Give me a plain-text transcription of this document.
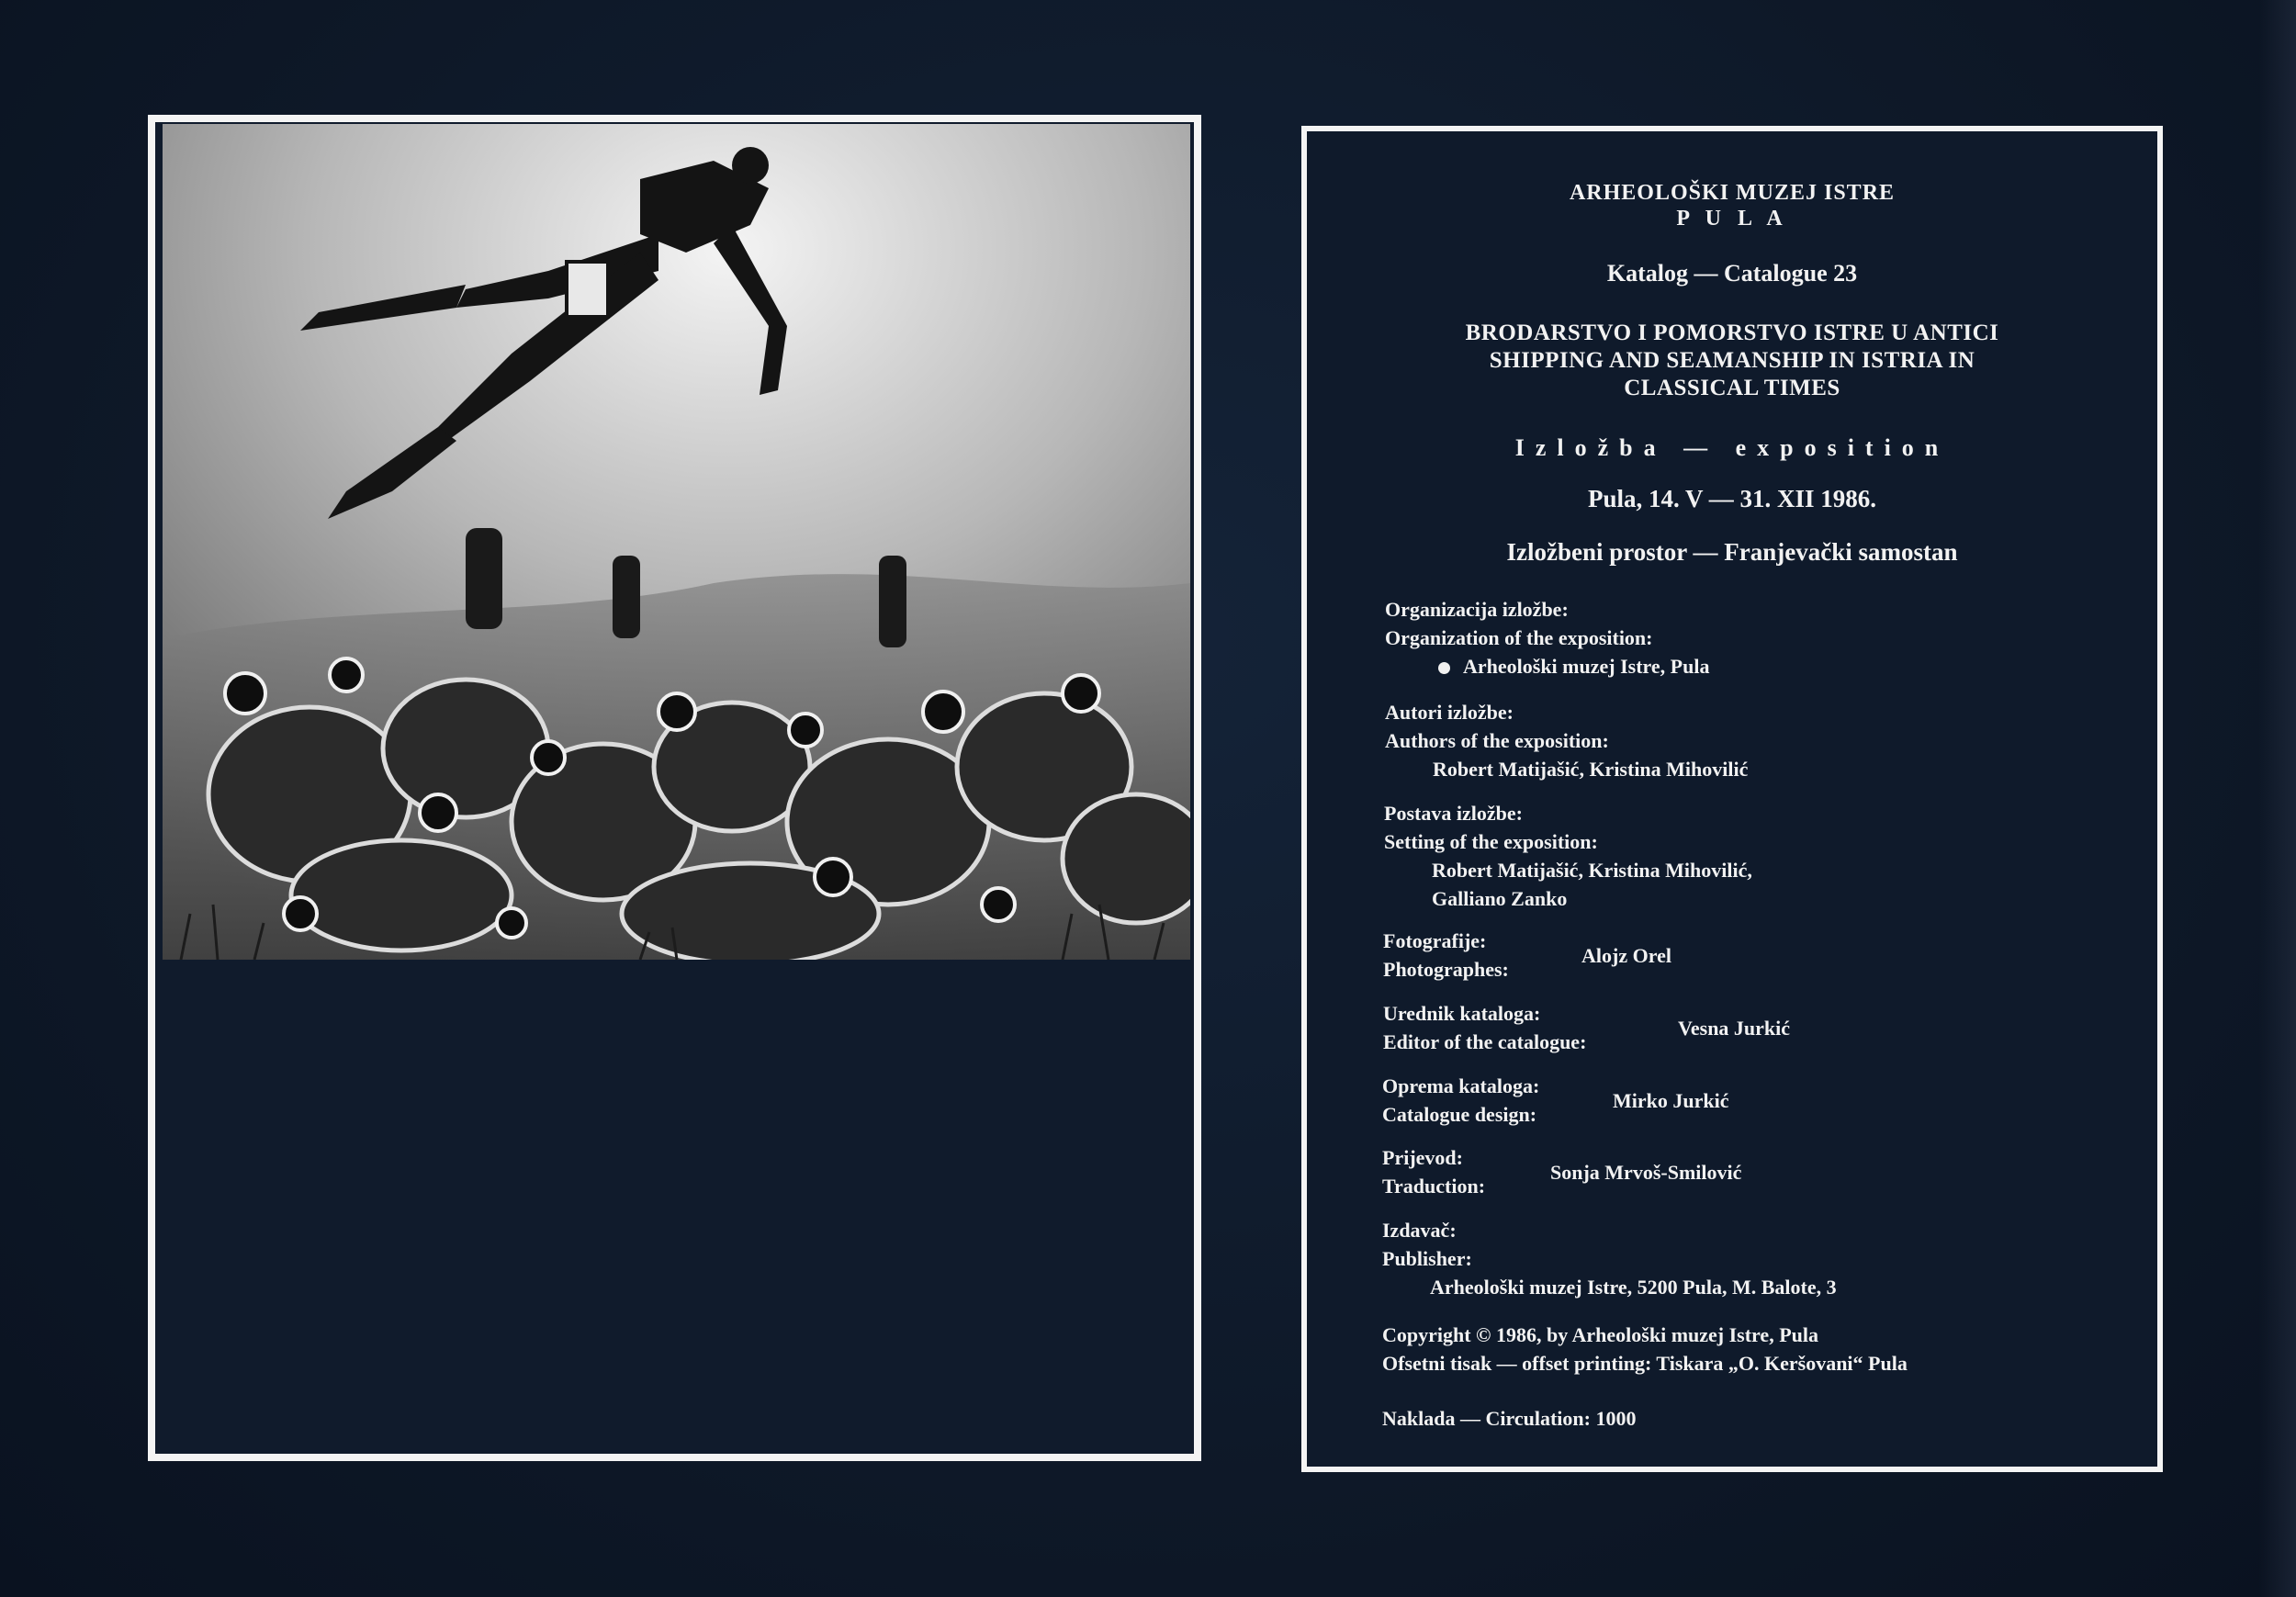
ARHEOLOŠKI MUZEJ ISTRE
P U L A
Katalog — Catalogue 23
BRODARSTVO I POMORSTVO ISTRE U ANTICI
SHIPPING AND SEAMANSHIP IN ISTRIA IN
CLASSICAL TIMES
Izložba — exposition
Pula, 14. V — 31. XII 1986.
Izložbeni prostor — Franjevački samostan
Organizacija izložbe:
Organization of the exposition:
Arheološki muzej Istre, Pula
Autori izložbe:
Authors of the exposition:
Robert Matijašić, Kristina Mihovilić
Postava izložbe:
Setting of the exposition:
Robert Matijašić, Kristina Mihovilić,
Galliano Zanko
Fotografije:
Photographes:
Alojz Orel
Urednik kataloga:
Editor of the catalogue:
Vesna Jurkić
Oprema kataloga:
Catalogue design:
Mirko Jurkić
Prijevod:
Traduction:
Sonja Mrvoš-Smilović
Izdavač:
Publisher:
Arheološki muzej Istre, 5200 Pula, M. Balote, 3
Copyright © 1986, by Arheološki muzej Istre, Pula
Ofsetni tisak — offset printing: Tiskara „O. Keršovani“ Pula
Naklada — Circulation: 1000
